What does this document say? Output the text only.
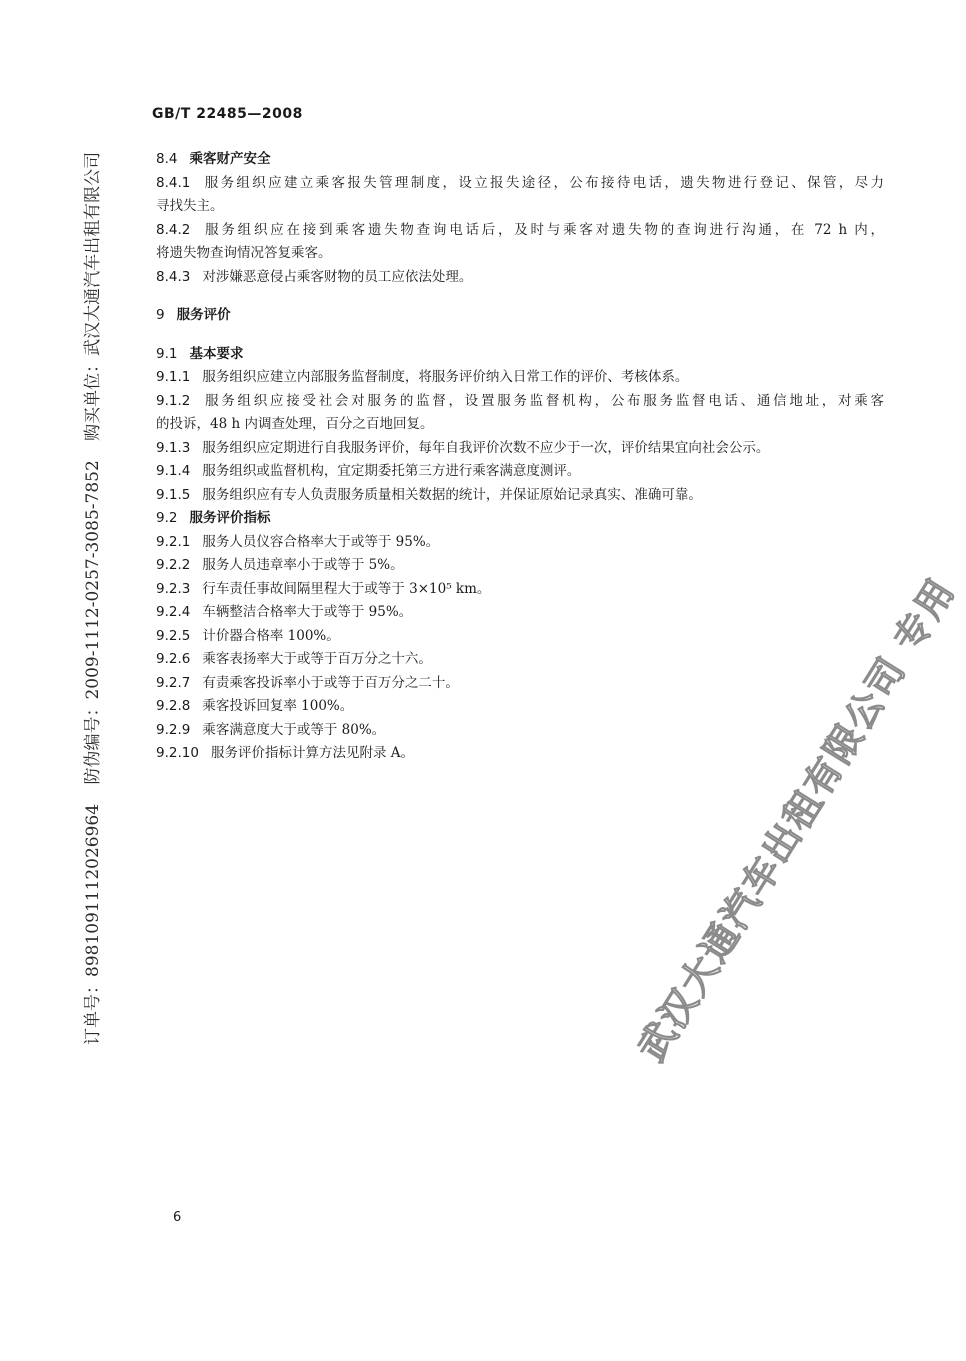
GB/T 22485—2008
8.4 乘客财产安全
8.4.1 服务组织应建立乘客报失管理制度，设立报失途径，公布接待电话，遗失物进行登记、保管，尽力
寻找失主。
8.4.2 服务组织应在接到乘客遗失物查询电话后，及时与乘客对遗失物的查询进行沟通，在 72 h 内，
将遗失物查询情况答复乘客。
8.4.3 对涉嫌恶意侵占乘客财物的员工应依法处理。
9 服务评价
9.1 基本要求
9.1.1 服务组织应建立内部服务监督制度，将服务评价纳入日常工作的评价、考核体系。
9.1.2 服务组织应接受社会对服务的监督，设置服务监督机构，公布服务监督电话、通信地址，对乘客
的投诉，48 h 内调查处理，百分之百地回复。
9.1.3 服务组织应定期进行自我服务评价，每年自我评价次数不应少于一次，评价结果宜向社会公示。
9.1.4 服务组织或监督机构，宜定期委托第三方进行乘客满意度测评。
9.1.5 服务组织应有专人负责服务质量相关数据的统计，并保证原始记录真实、准确可靠。
9.2 服务评价指标
9.2.1 服务人员仪容合格率大于或等于 95%。
9.2.2 服务人员违章率小于或等于 5%。
9.2.3 行车责任事故间隔里程大于或等于 3×10⁵ km。
9.2.4 车辆整洁合格率大于或等于 95%。
9.2.5 计价器合格率 100%。
9.2.6 乘客表扬率大于或等于百万分之十六。
9.2.7 有责乘客投诉率小于或等于百万分之二十。
9.2.8 乘客投诉回复率 100%。
9.2.9 乘客满意度大于或等于 80%。
9.2.10 服务评价指标计算方法见附录 A。
订单号：8981091112026964 防伪编号：2009-1112-0257-3085-7852 购买单位：武汉大通汽车出租有限公司
武汉大通汽车出租有限公司 专用
6
